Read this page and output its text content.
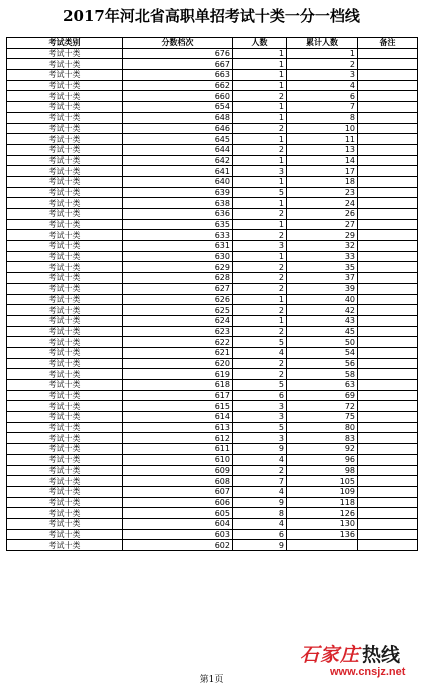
2017年河北省高职单招考试十类一分一档线
考试类别	分数档次	人数	累计人数	备注
考试十类	676	1	1	
考试十类	667	1	2	
考试十类	663	1	3	
考试十类	662	1	4	
考试十类	660	2	6	
考试十类	654	1	7	
考试十类	648	1	8	
考试十类	646	2	10	
考试十类	645	1	11	
考试十类	644	2	13	
考试十类	642	1	14	
考试十类	641	3	17	
考试十类	640	1	18	
考试十类	639	5	23	
考试十类	638	1	24	
考试十类	636	2	26	
考试十类	635	1	27	
考试十类	633	2	29	
考试十类	631	3	32	
考试十类	630	1	33	
考试十类	629	2	35	
考试十类	628	2	37	
考试十类	627	2	39	
考试十类	626	1	40	
考试十类	625	2	42	
考试十类	624	1	43	
考试十类	623	2	45	
考试十类	622	5	50	
考试十类	621	4	54	
考试十类	620	2	56	
考试十类	619	2	58	
考试十类	618	5	63	
考试十类	617	6	69	
考试十类	615	3	72	
考试十类	614	3	75	
考试十类	613	5	80	
考试十类	612	3	83	
考试十类	611	9	92	
考试十类	610	4	96	
考试十类	609	2	98	
考试十类	608	7	105	
考试十类	607	4	109	
考试十类	606	9	118	
考试十类	605	8	126	
考试十类	604	4	130	
考试十类	603	6	136	
考试十类	602	9		
第1页
石家庄 热线
www.cnsjz.net
